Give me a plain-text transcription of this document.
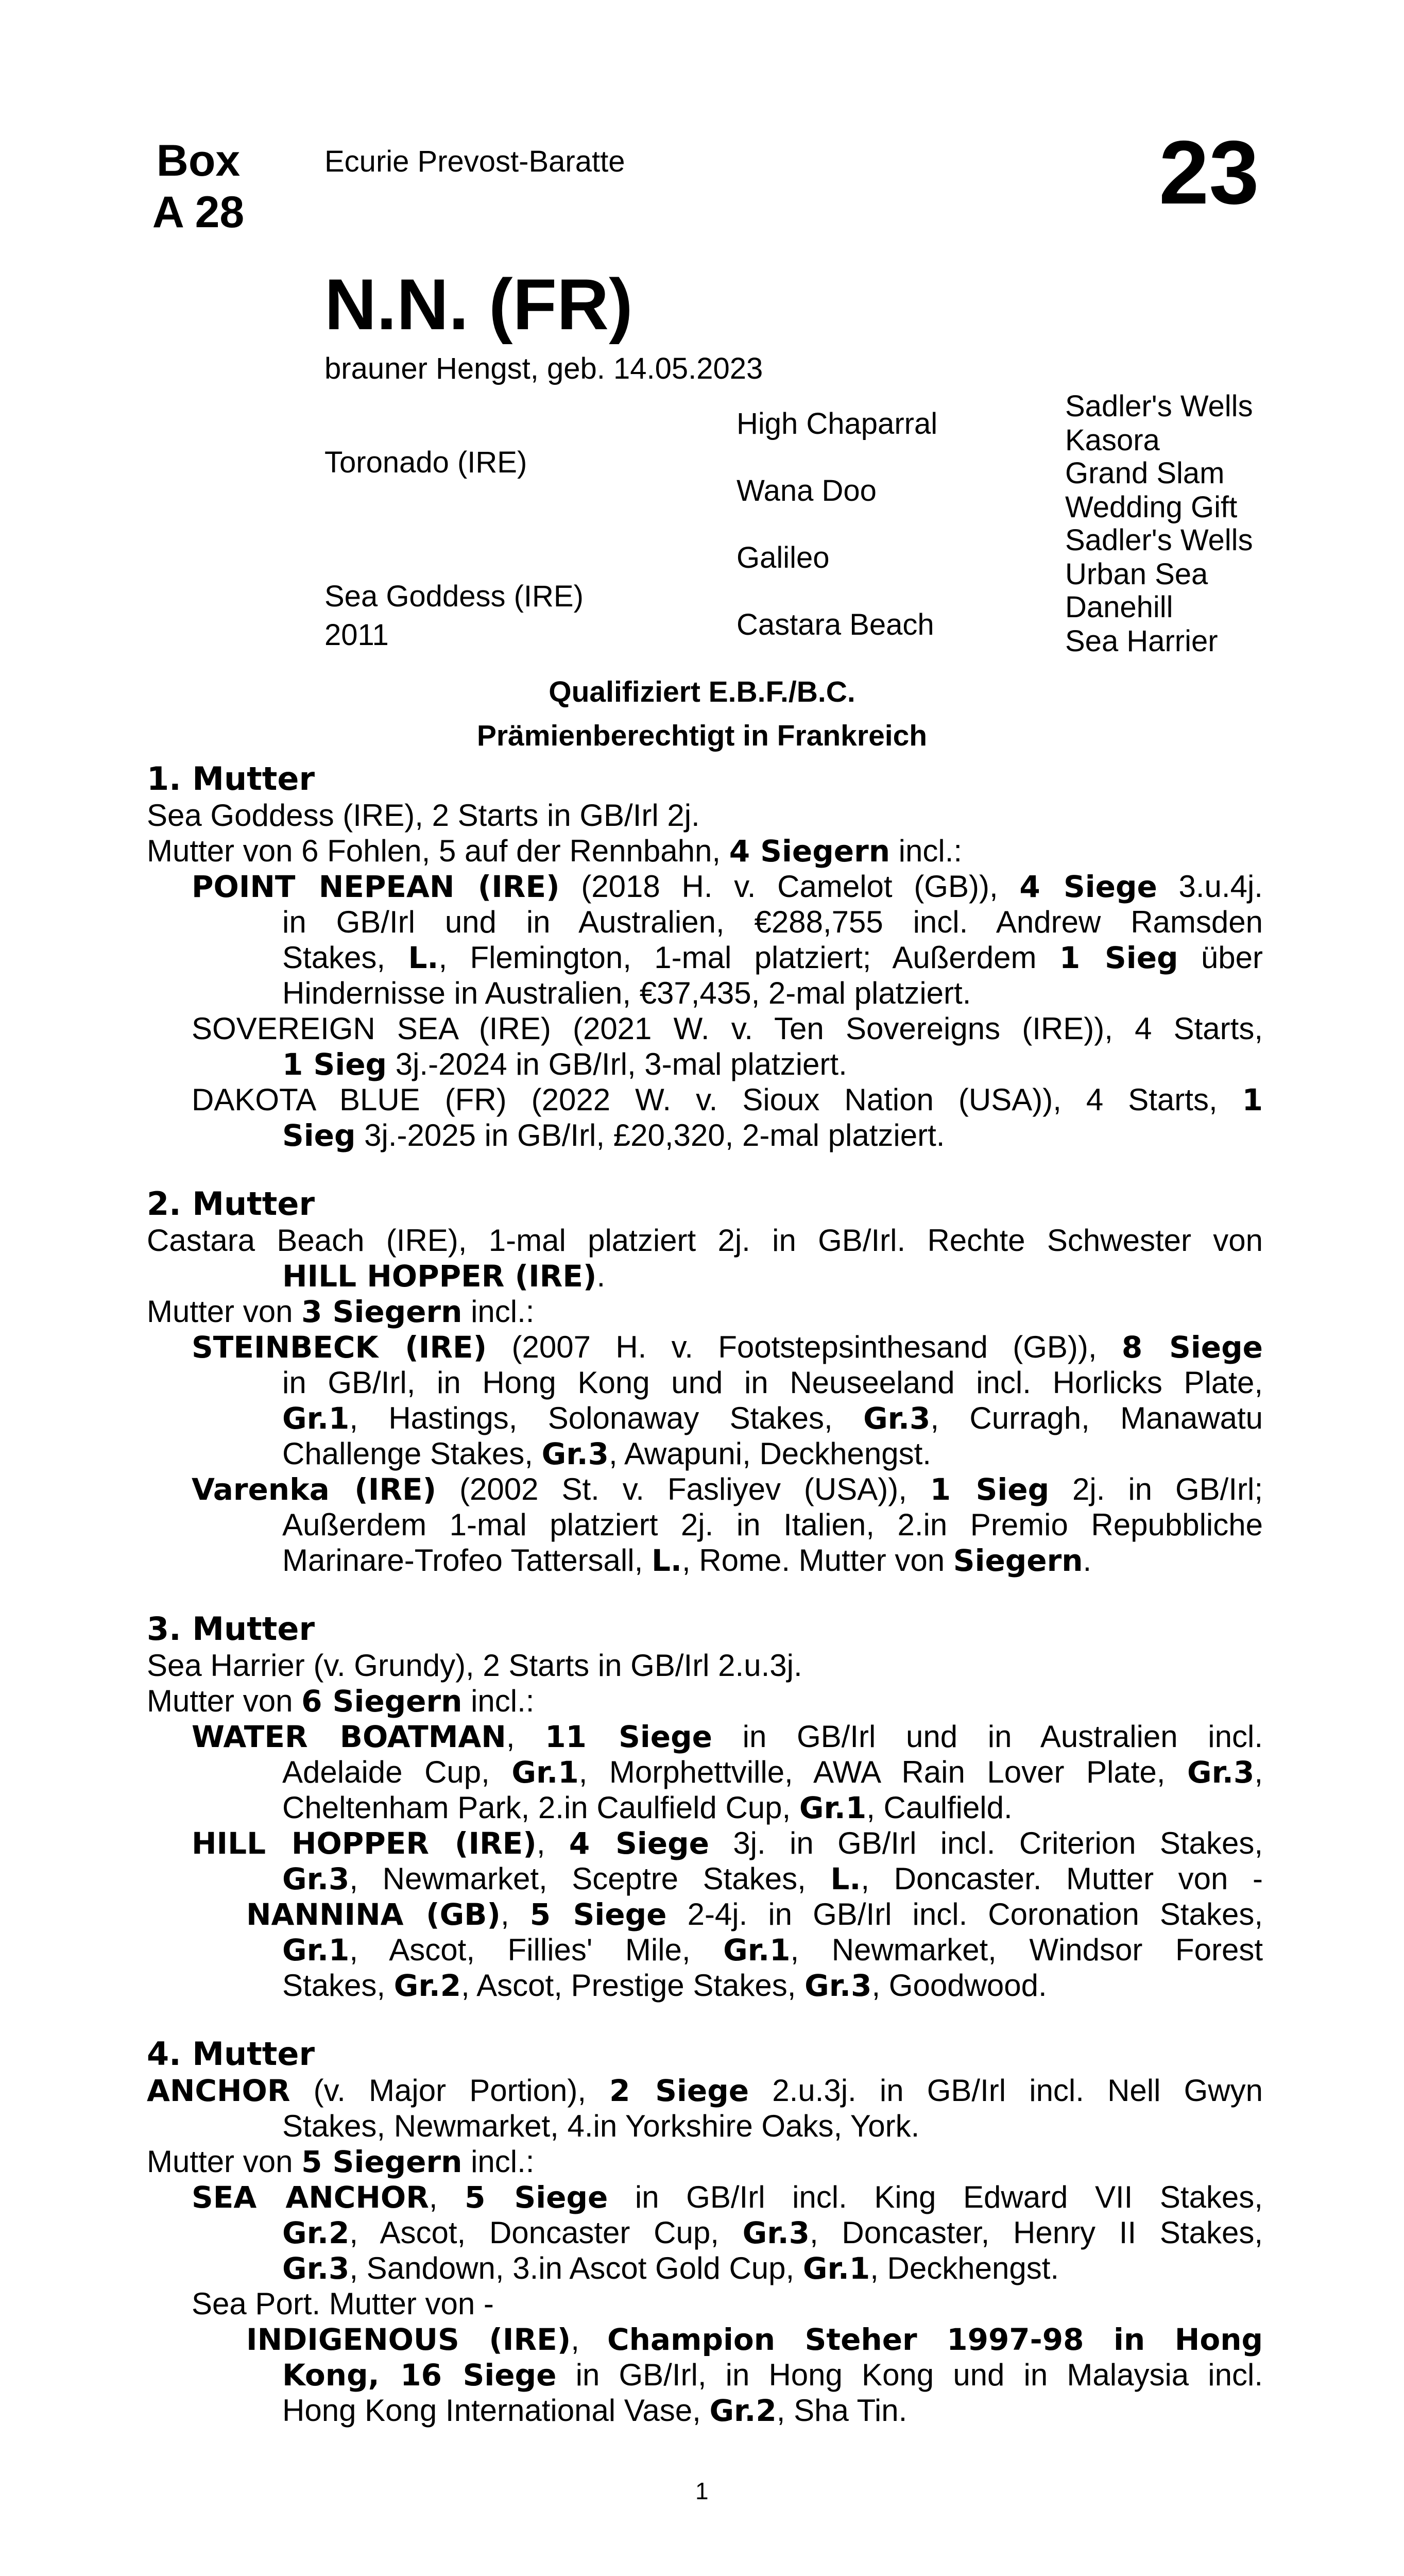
Box
A 28
Ecurie Prevost-Baratte	23
N.N. (FR)
brauner Hengst, geb. 14.05.2023
Toronado (IRE)
Sea Goddess (IRE)
2011
High Chaparral
Wana Doo
Galileo
Castara Beach
Sadler's Wells
Kasora
Grand Slam
Wedding Gift
Sadler's Wells
Urban Sea
Danehill
Sea Harrier
Qualifiziert E.B.F./B.C.
Prämienberechtigt in Frankreich
1. Mutter
Sea Goddess (IRE), 2 Starts in GB/Irl 2j.
Mutter von 6 Fohlen, 5 auf der Rennbahn, 4 Siegern incl.:
POINT NEPEAN (IRE) (2018 H. v. Camelot (GB)), 4 Siege 3.u.4j.
in GB/Irl und in Australien, €288,755 incl. Andrew Ramsden
Stakes, L., Flemington, 1-mal platziert; Außerdem 1 Sieg über
Hindernisse in Australien, €37,435, 2-mal platziert.
SOVEREIGN SEA (IRE) (2021 W. v. Ten Sovereigns (IRE)), 4 Starts,
1 Sieg 3j.-2024 in GB/Irl, 3-mal platziert.
DAKOTA BLUE (FR) (2022 W. v. Sioux Nation (USA)), 4 Starts, 1
Sieg 3j.-2025 in GB/Irl, £20,320, 2-mal platziert.
2. Mutter
Castara Beach (IRE), 1-mal platziert 2j. in GB/Irl. Rechte Schwester von
HILL HOPPER (IRE).
Mutter von 3 Siegern incl.:
STEINBECK (IRE) (2007 H. v. Footstepsinthesand (GB)), 8 Siege
in GB/Irl, in Hong Kong und in Neuseeland incl. Horlicks Plate,
Gr.1, Hastings, Solonaway Stakes, Gr.3, Curragh, Manawatu
Challenge Stakes, Gr.3, Awapuni, Deckhengst.
Varenka (IRE) (2002 St. v. Fasliyev (USA)), 1 Sieg 2j. in GB/Irl;
Außerdem 1-mal platziert 2j. in Italien, 2.in Premio Repubbliche
Marinare-Trofeo Tattersall, L., Rome. Mutter von Siegern.
3. Mutter
Sea Harrier (v. Grundy), 2 Starts in GB/Irl 2.u.3j.
Mutter von 6 Siegern incl.:
WATER BOATMAN, 11 Siege in GB/Irl und in Australien incl.
Adelaide Cup, Gr.1, Morphettville, AWA Rain Lover Plate, Gr.3,
Cheltenham Park, 2.in Caulfield Cup, Gr.1, Caulfield.
HILL HOPPER (IRE), 4 Siege 3j. in GB/Irl incl. Criterion Stakes,
Gr.3, Newmarket, Sceptre Stakes, L., Doncaster. Mutter von -
NANNINA (GB), 5 Siege 2-4j. in GB/Irl incl. Coronation Stakes,
Gr.1, Ascot, Fillies' Mile, Gr.1, Newmarket, Windsor Forest
Stakes, Gr.2, Ascot, Prestige Stakes, Gr.3, Goodwood.
4. Mutter
ANCHOR (v. Major Portion), 2 Siege 2.u.3j. in GB/Irl incl. Nell Gwyn
Stakes, Newmarket, 4.in Yorkshire Oaks, York.
Mutter von 5 Siegern incl.:
SEA ANCHOR, 5 Siege in GB/Irl incl. King Edward VII Stakes,
Gr.2, Ascot, Doncaster Cup, Gr.3, Doncaster, Henry II Stakes,
Gr.3, Sandown, 3.in Ascot Gold Cup, Gr.1, Deckhengst.
Sea Port. Mutter von -
INDIGENOUS (IRE), Champion Steher 1997-98 in Hong
Kong, 16 Siege in GB/Irl, in Hong Kong und in Malaysia incl.
Hong Kong International Vase, Gr.2, Sha Tin.
1
